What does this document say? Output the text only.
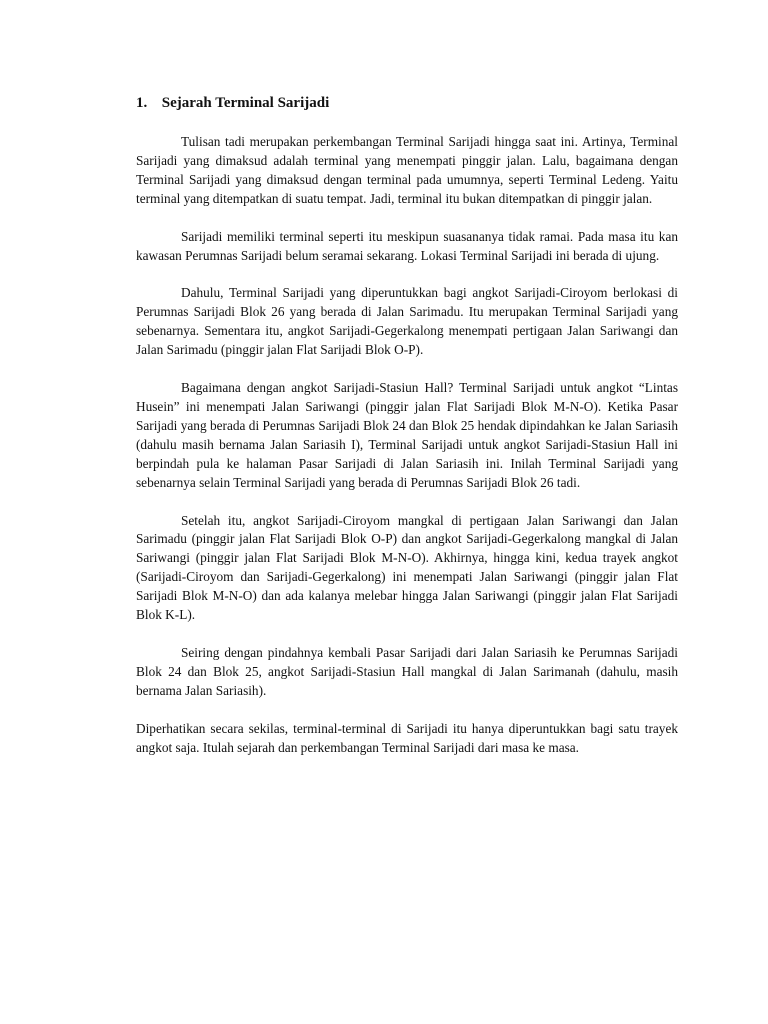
1. Sejarah Terminal Sarijadi

Tulisan tadi merupakan perkembangan Terminal Sarijadi hingga saat ini. Artinya, Terminal Sarijadi yang dimaksud adalah terminal yang menempati pinggir jalan. Lalu, bagaimana dengan Terminal Sarijadi yang dimaksud dengan terminal pada umumnya, seperti Terminal Ledeng. Yaitu terminal yang ditempatkan di suatu tempat. Jadi, terminal itu bukan ditempatkan di pinggir jalan.

Sarijadi memiliki terminal seperti itu meskipun suasananya tidak ramai. Pada masa itu kan kawasan Perumnas Sarijadi belum seramai sekarang. Lokasi Terminal Sarijadi ini berada di ujung.

Dahulu, Terminal Sarijadi yang diperuntukkan bagi angkot Sarijadi-Ciroyom berlokasi di Perumnas Sarijadi Blok 26 yang berada di Jalan Sarimadu. Itu merupakan Terminal Sarijadi yang sebenarnya. Sementara itu, angkot Sarijadi-Gegerkalong menempati pertigaan Jalan Sariwangi dan Jalan Sarimadu (pinggir jalan Flat Sarijadi Blok O-P).

Bagaimana dengan angkot Sarijadi-Stasiun Hall? Terminal Sarijadi untuk angkot “Lintas Husein” ini menempati Jalan Sariwangi (pinggir jalan Flat Sarijadi Blok M-N-O). Ketika Pasar Sarijadi yang berada di Perumnas Sarijadi Blok 24 dan Blok 25 hendak dipindahkan ke Jalan Sariasih (dahulu masih bernama Jalan Sariasih I), Terminal Sarijadi untuk angkot Sarijadi-Stasiun Hall ini berpindah pula ke halaman Pasar Sarijadi di Jalan Sariasih ini. Inilah Terminal Sarijadi yang sebenarnya selain Terminal Sarijadi yang berada di Perumnas Sarijadi Blok 26 tadi.

Setelah itu, angkot Sarijadi-Ciroyom mangkal di pertigaan Jalan Sariwangi dan Jalan Sarimadu (pinggir jalan Flat Sarijadi Blok O-P) dan angkot Sarijadi-Gegerkalong mangkal di Jalan Sariwangi (pinggir jalan Flat Sarijadi Blok M-N-O). Akhirnya, hingga kini, kedua trayek angkot (Sarijadi-Ciroyom dan Sarijadi-Gegerkalong) ini menempati Jalan Sariwangi (pinggir jalan Flat Sarijadi Blok M-N-O) dan ada kalanya melebar hingga Jalan Sariwangi (pinggir jalan Flat Sarijadi Blok K-L).

Seiring dengan pindahnya kembali Pasar Sarijadi dari Jalan Sariasih ke Perumnas Sarijadi Blok 24 dan Blok 25, angkot Sarijadi-Stasiun Hall mangkal di Jalan Sarimanah (dahulu, masih bernama Jalan Sariasih).

Diperhatikan secara sekilas, terminal-terminal di Sarijadi itu hanya diperuntukkan bagi satu trayek angkot saja. Itulah sejarah dan perkembangan Terminal Sarijadi dari masa ke masa.
